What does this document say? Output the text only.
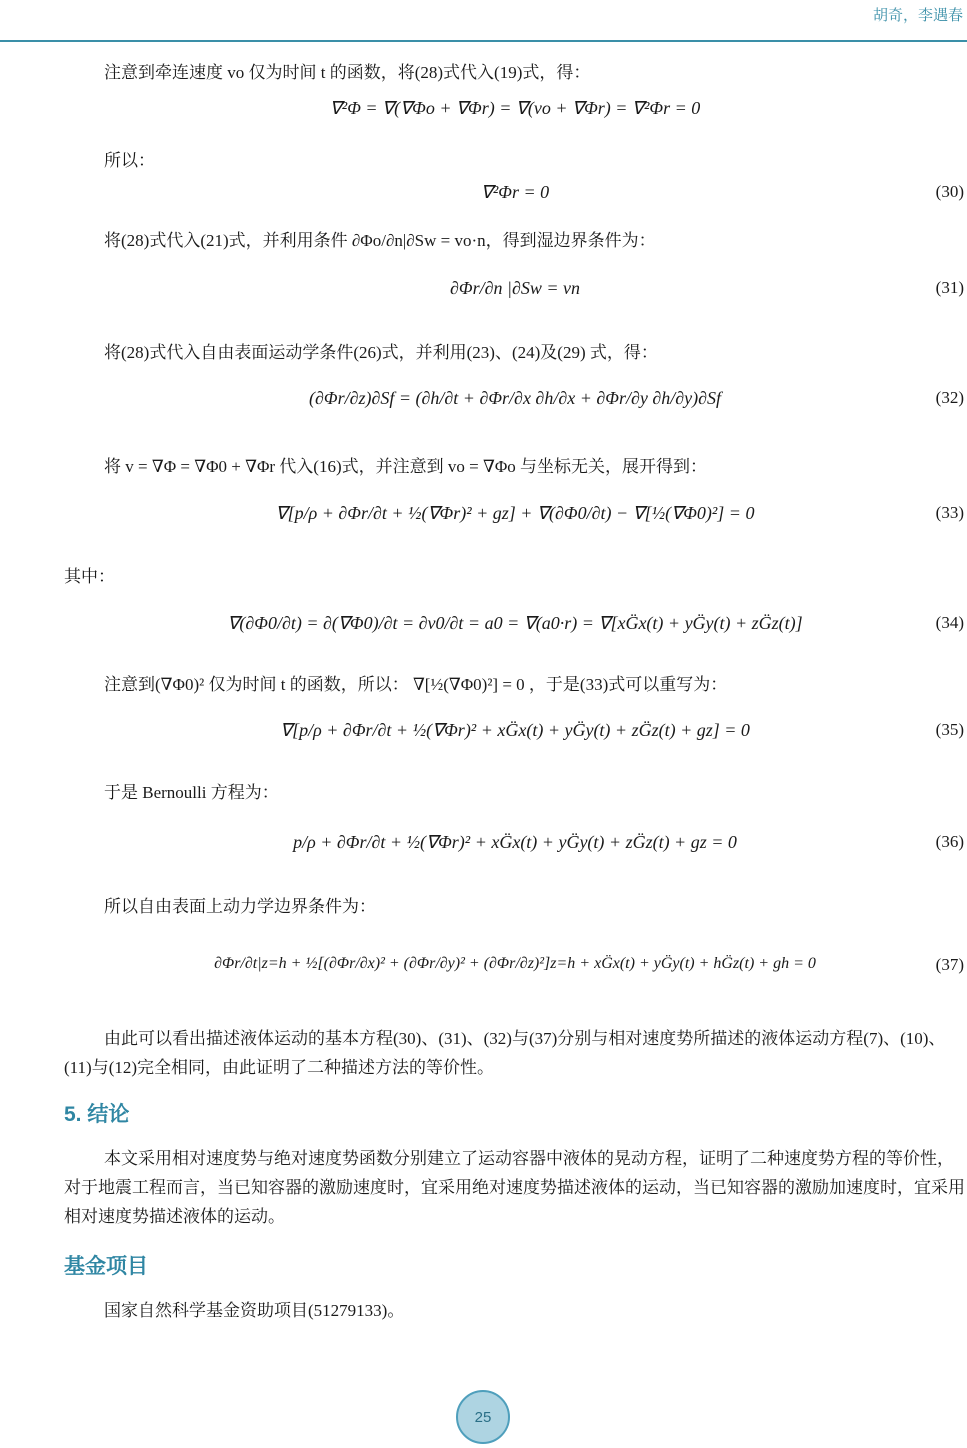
胡奇，李遇春
注意到牵连速度 vo 仅为时间 t 的函数，将(28)式代入(19)式，得：
∇²Φ = ∇(∇Φo + ∇Φr) = ∇(vo + ∇Φr) = ∇²Φr = 0
所以：
∇²Φr = 0	(30)
将(28)式代入(21)式，并利用条件 ∂Φo/∂n|∂Sw = vo·n，得到湿边界条件为：
∂Φr/∂n |∂Sw = vn	(31)
将(28)式代入自由表面运动学条件(26)式，并利用(23)、(24)及(29) 式，得：
(∂Φr/∂z)∂Sf = (∂h/∂t + ∂Φr/∂x ∂h/∂x + ∂Φr/∂y ∂h/∂y)∂Sf	(32)
将 v = ∇Φ = ∇Φ0 + ∇Φr 代入(16)式，并注意到 vo = ∇Φo 与坐标无关，展开得到：
∇[p/ρ + ∂Φr/∂t + ½(∇Φr)² + gz] + ∇(∂Φ0/∂t) − ∇[½(∇Φ0)²] = 0	(33)
其中：
∇(∂Φ0/∂t) = ∂(∇Φ0)/∂t = ∂v0/∂t = a0 = ∇(a0·r) = ∇[xG̈x(t) + yG̈y(t) + zG̈z(t)]	(34)
注意到(∇Φ0)² 仅为时间 t 的函数，所以： ∇[½(∇Φ0)²] = 0 ，于是(33)式可以重写为：
∇[p/ρ + ∂Φr/∂t + ½(∇Φr)² + xG̈x(t) + yG̈y(t) + zG̈z(t) + gz] = 0	(35)
于是 Bernoulli 方程为：
p/ρ + ∂Φr/∂t + ½(∇Φr)² + xG̈x(t) + yG̈y(t) + zG̈z(t) + gz = 0	(36)
所以自由表面上动力学边界条件为：
∂Φr/∂t|z=h + ½[(∂Φr/∂x)² + (∂Φr/∂y)² + (∂Φr/∂z)²]z=h + xG̈x(t) + yG̈y(t) + hG̈z(t) + gh = 0	(37)
由此可以看出描述液体运动的基本方程(30)、(31)、(32)与(37)分别与相对速度势所描述的液体运动方程(7)、(10)、(11)与(12)完全相同，由此证明了二种描述方法的等价性。
5. 结论
本文采用相对速度势与绝对速度势函数分别建立了运动容器中液体的晃动方程，证明了二种速度势方程的等价性，对于地震工程而言，当已知容器的激励速度时，宜采用绝对速度势描述液体的运动，当已知容器的激励加速度时，宜采用相对速度势描述液体的运动。
基金项目
国家自然科学基金资助项目(51279133)。
25
